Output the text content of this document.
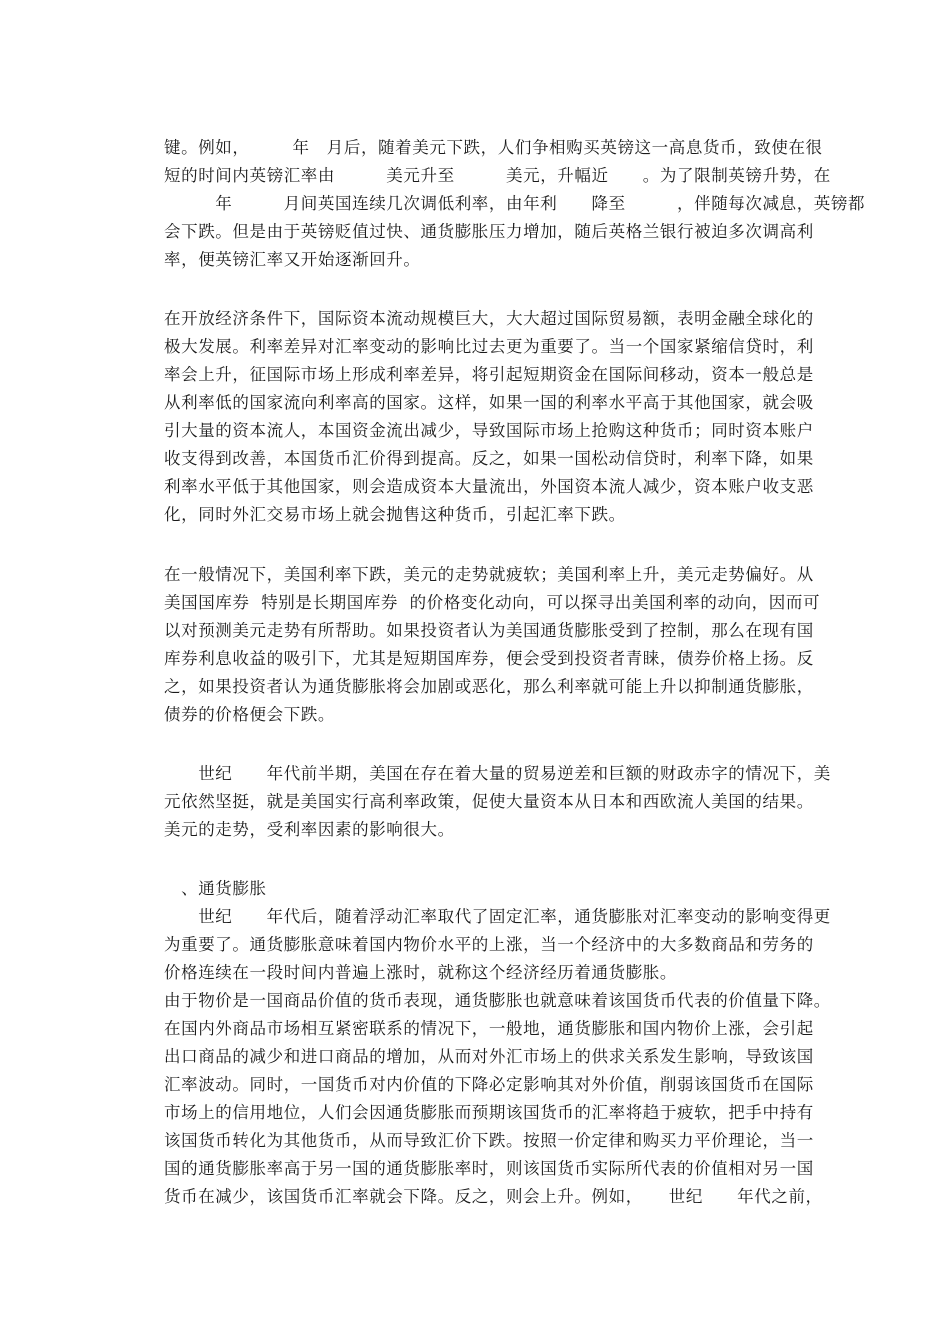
键。例如，　　　年　月后，随着美元下跌，人们争相购买英镑这一高息货币，致使在很
短的时间内英镑汇率由　　　美元升至　　　美元，升幅近　　。为了限制英镑升势，在
　　　年　　　月间英国连续几次调低利率，由年利　　降至　　　，伴随每次减息，英镑都
会下跌。但是由于英镑贬值过快、通货膨胀压力增加，随后英格兰银行被迫多次调高利
率，便英镑汇率又开始逐渐回升。
在开放经济条件下，国际资本流动规模巨大，大大超过国际贸易额，表明金融全球化的
极大发展。利率差异对汇率变动的影响比过去更为重要了。当一个国家紧缩信贷时，利
率会上升，征国际市场上形成利率差异，将引起短期资金在国际间移动，资本一般总是
从利率低的国家流向利率高的国家。这样，如果一国的利率水平高于其他国家，就会吸
引大量的资本流人，本国资金流出减少，导致国际市场上抢购这种货币；同时资本账户
收支得到改善，本国货币汇价得到提高。反之，如果一国松动信贷时，利率下降，如果
利率水平低于其他国家，则会造成资本大量流出，外国资本流人减少，资本账户收支恶
化，同时外汇交易市场上就会抛售这种货币，引起汇率下跌。
在一般情况下，美国利率下跌，美元的走势就疲软；美国利率上升，美元走势偏好。从
美国国库券  特别是长期国库券  的价格变化动向，可以探寻出美国利率的动向，因而可
以对预测美元走势有所帮助。如果投资者认为美国通货膨胀受到了控制，那么在现有国
库券利息收益的吸引下，尤其是短期国库券，便会受到投资者青睐，债券价格上扬。反
之，如果投资者认为通货膨胀将会加剧或恶化，那么利率就可能上升以抑制通货膨胀，
债券的价格便会下跌。
　　世纪　　年代前半期，美国在存在着大量的贸易逆差和巨额的财政赤字的情况下，美
元依然坚挺，就是美国实行高利率政策，促使大量资本从日本和西欧流人美国的结果。
美元的走势，受利率因素的影响很大。
　、通货膨胀
　　世纪　　年代后，随着浮动汇率取代了固定汇率，通货膨胀对汇率变动的影响变得更
为重要了。通货膨胀意味着国内物价水平的上涨，当一个经济中的大多数商品和劳务的
价格连续在一段时间内普遍上涨时，就称这个经济经历着通货膨胀。
由于物价是一国商品价值的货币表现，通货膨胀也就意味着该国货币代表的价值量下降。
在国内外商品市场相互紧密联系的情况下，一般地，通货膨胀和国内物价上涨，会引起
出口商品的减少和进口商品的增加，从而对外汇市场上的供求关系发生影响，导致该国
汇率波动。同时，一国货币对内价值的下降必定影响其对外价值，削弱该国货币在国际
市场上的信用地位，人们会因通货膨胀而预期该国货币的汇率将趋于疲软，把手中持有
该国货币转化为其他货币，从而导致汇价下跌。按照一价定律和购买力平价理论，当一
国的通货膨胀率高于另一国的通货膨胀率时，则该国货币实际所代表的价值相对另一国
货币在减少，该国货币汇率就会下降。反之，则会上升。例如，　　世纪　　年代之前，
